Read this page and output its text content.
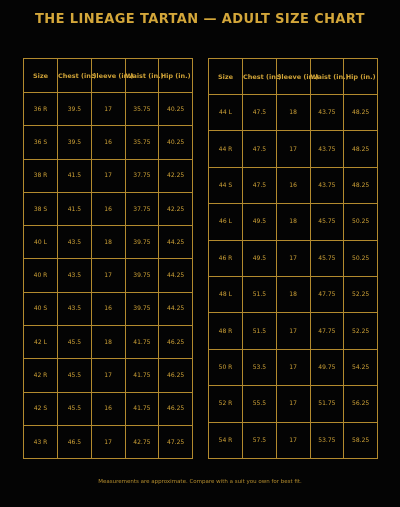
THE LINEAGE TARTAN — ADULT SIZE CHART
Size	Chest (in.)	Sleeve (in.)	Waist (in.)	Hip (in.)
36 R	39.5	17	35.75	40.25
36 S	39.5	16	35.75	40.25
38 R	41.5	17	37.75	42.25
38 S	41.5	16	37.75	42.25
40 L	43.5	18	39.75	44.25
40 R	43.5	17	39.75	44.25
40 S	43.5	16	39.75	44.25
42 L	45.5	18	41.75	46.25
42 R	45.5	17	41.75	46.25
42 S	45.5	16	41.75	46.25
43 R	46.5	17	42.75	47.25
Size	Chest (in.)	Sleeve (in.)	Waist (in.)	Hip (in.)
44 L	47.5	18	43.75	48.25
44 R	47.5	17	43.75	48.25
44 S	47.5	16	43.75	48.25
46 L	49.5	18	45.75	50.25
46 R	49.5	17	45.75	50.25
48 L	51.5	18	47.75	52.25
48 R	51.5	17	47.75	52.25
50 R	53.5	17	49.75	54.25
52 R	55.5	17	51.75	56.25
54 R	57.5	17	53.75	58.25
Measurements are approximate. Compare with a suit you own for best fit.
